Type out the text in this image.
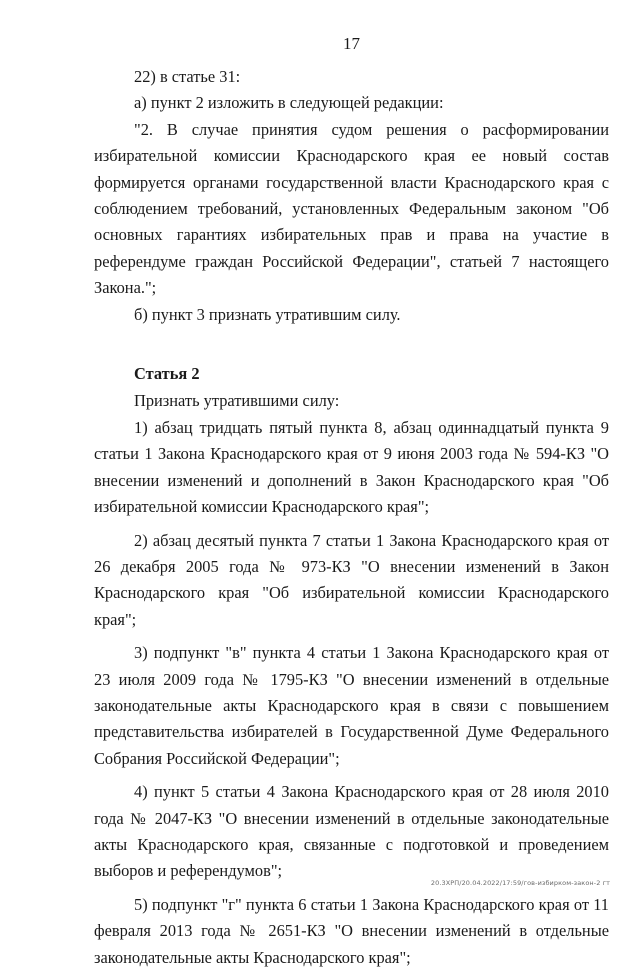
17

22) в статье 31:

а) пункт 2 изложить в следующей редакции:

"2. В случае принятия судом решения о расформировании избирательной комиссии Краснодарского края ее новый состав формируется органами государственной власти Краснодарского края с соблюдением требований, установленных Федеральным законом "Об основных гарантиях избирательных прав и права на участие в референдуме граждан Российской Федерации", статьей 7 настоящего Закона.";

б) пункт 3 признать утратившим силу.

Статья 2

Признать утратившими силу:

1) абзац тридцать пятый пункта 8, абзац одиннадцатый пункта 9 статьи 1 Закона Краснодарского края от 9 июня 2003 года № 594-КЗ "О внесении изменений и дополнений в Закон Краснодарского края "Об избирательной комиссии Краснодарского края";

2) абзац десятый пункта 7 статьи 1 Закона Краснодарского края от 26 декабря 2005 года № 973-КЗ "О внесении изменений в Закон Краснодарского края "Об избирательной комиссии Краснодарского края";

3) подпункт "в" пункта 4 статьи 1 Закона Краснодарского края от 23 июля 2009 года № 1795-КЗ "О внесении изменений в отдельные законодательные акты Краснодарского края в связи с повышением представительства избирателей в Государственной Думе Федерального Собрания Российской Федерации";

4) пункт 5 статьи 4 Закона Краснодарского края от 28 июля 2010 года № 2047-КЗ "О внесении изменений в отдельные законодательные акты Краснодарского края, связанные с подготовкой и проведением выборов и референдумов";

5) подпункт "г" пункта 6 статьи 1 Закона Краснодарского края от 11 февраля 2013 года № 2651-КЗ "О внесении изменений в отдельные законодательные акты Краснодарского края";

20.3ХРП/20.04.2022/17:59/гов-избирком-закон-2 гт
